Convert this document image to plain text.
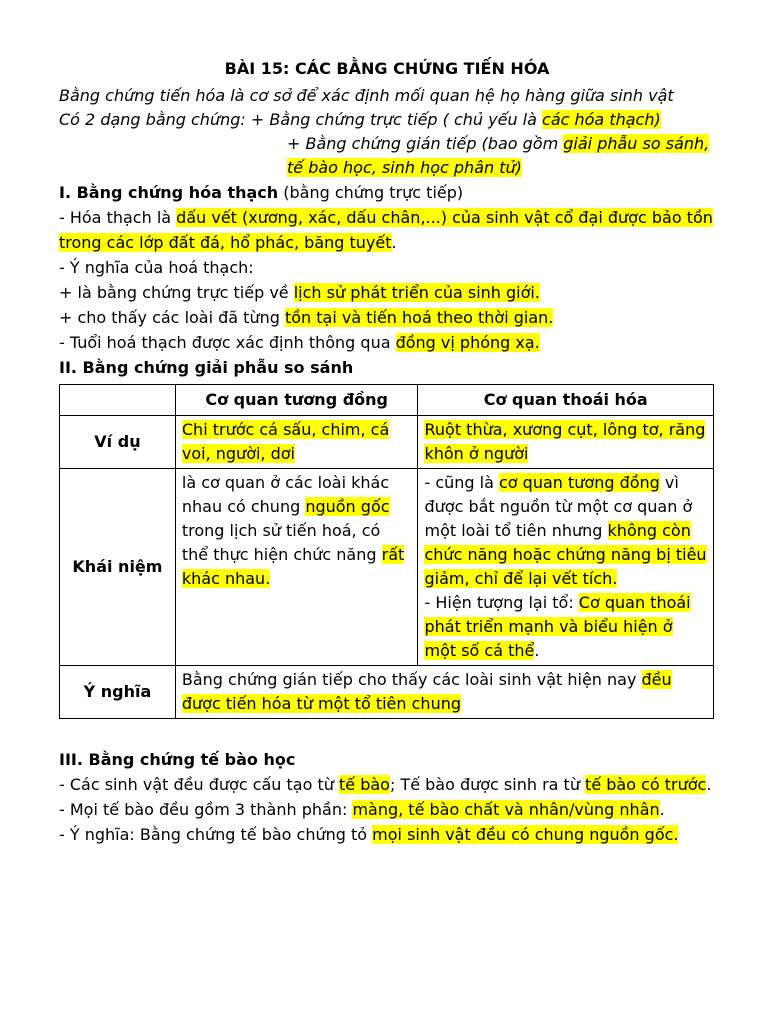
BÀI 15: CÁC BẰNG CHỨNG TIẾN HÓA

Bằng chứng tiến hóa là cơ sở để xác định mối quan hệ họ hàng giữa sinh vật

Có 2 dạng bằng chứng: + Bằng chứng trực tiếp ( chủ yếu là các hóa thạch)

+ Bằng chứng gián tiếp (bao gồm giải phẫu so sánh, tế bào học, sinh học phân tử)

I. Bằng chứng hóa thạch (bằng chứng trực tiếp)

- Hóa thạch là dấu vết (xương, xác, dấu chân,...) của sinh vật cổ đại được bảo tồn trong các lớp đất đá, hổ phác, băng tuyết.

- Ý nghĩa của hoá thạch:

+ là bằng chứng trực tiếp về lịch sử phát triển của sinh giới.

+ cho thấy các loài đã từng tồn tại và tiến hoá theo thời gian.

- Tuổi hoá thạch được xác định thông qua đồng vị phóng xạ.

II. Bằng chứng giải phẫu so sánh

	Cơ quan tương đồng	Cơ quan thoái hóa
Ví dụ	Chi trước cá sấu, chim, cá voi, người, dơi	Ruột thừa, xương cụt, lông tơ, răng khôn ở người
Khái niệm	là cơ quan ở các loài khác nhau có chung nguồn gốc trong lịch sử tiến hoá, có thể thực hiện chức năng rất khác nhau.	- cũng là cơ quan tương đồng vì được bắt nguồn từ một cơ quan ở một loài tổ tiên nhưng không còn chức năng hoặc chứng năng bị tiêu giảm, chỉ để lại vết tích.
- Hiện tượng lại tổ: Cơ quan thoái phát triển mạnh và biểu hiện ở một số cá thể.
Ý nghĩa	Bằng chứng gián tiếp cho thấy các loài sinh vật hiện nay đều được tiến hóa từ một tổ tiên chung	

III. Bằng chứng tế bào học

- Các sinh vật đều được cấu tạo từ tế bào; Tế bào được sinh ra từ tế bào có trước.

- Mọi tế bào đều gồm 3 thành phần: màng, tế bào chất và nhân/vùng nhân.

- Ý nghĩa: Bằng chứng tế bào chứng tỏ mọi sinh vật đều có chung nguồn gốc.
